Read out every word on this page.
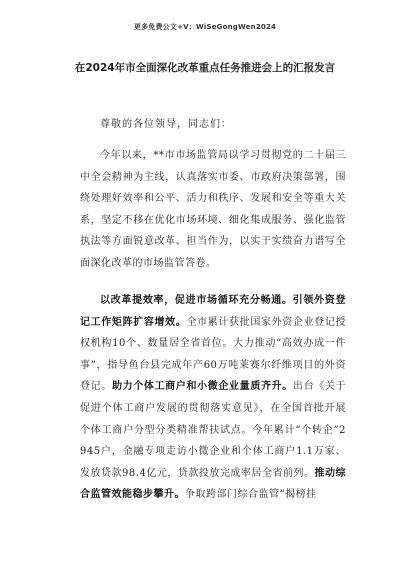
更多免费公文+V：WiSeGongWen2024
在2024年市全面深化改革重点任务推进会上的汇报发言
尊敬的各位领导，同志们：

今年以来，**市市场监管局以学习贯彻党的二十届三中全会精神为主线，认真落实市委、市政府决策部署，围绕处理好效率和公平、活力和秩序、发展和安全等重大关系，坚定不移在优化市场环境、细化集成服务、强化监管执法等方面锐意改革、担当作为，以实干实绩奋力谱写全面深化改革的市场监管答卷。

以改革提效率，促进市场循环充分畅通。引领外资登记工作矩阵扩容增效。全市累计获批国家外资企业登记授权机构10个、数量居全省首位。大力推动“高效办成一件事”，指导鱼台县完成年产60万吨莱赛尔纤维项目的外资登记。助力个体工商户和小微企业量质齐升。出台《关于促进个体工商户发展的贯彻落实意见》，在全国首批开展个体工商户分型分类精准帮扶试点。今年累计“个转企”2945户，金融专项走访小微企业和个体工商户1.1万家、发放贷款98.4亿元，贷款投放完成率居全省前列。推动综合监管效能稳步攀升。争取跨部门综合监管“揭榜挂
